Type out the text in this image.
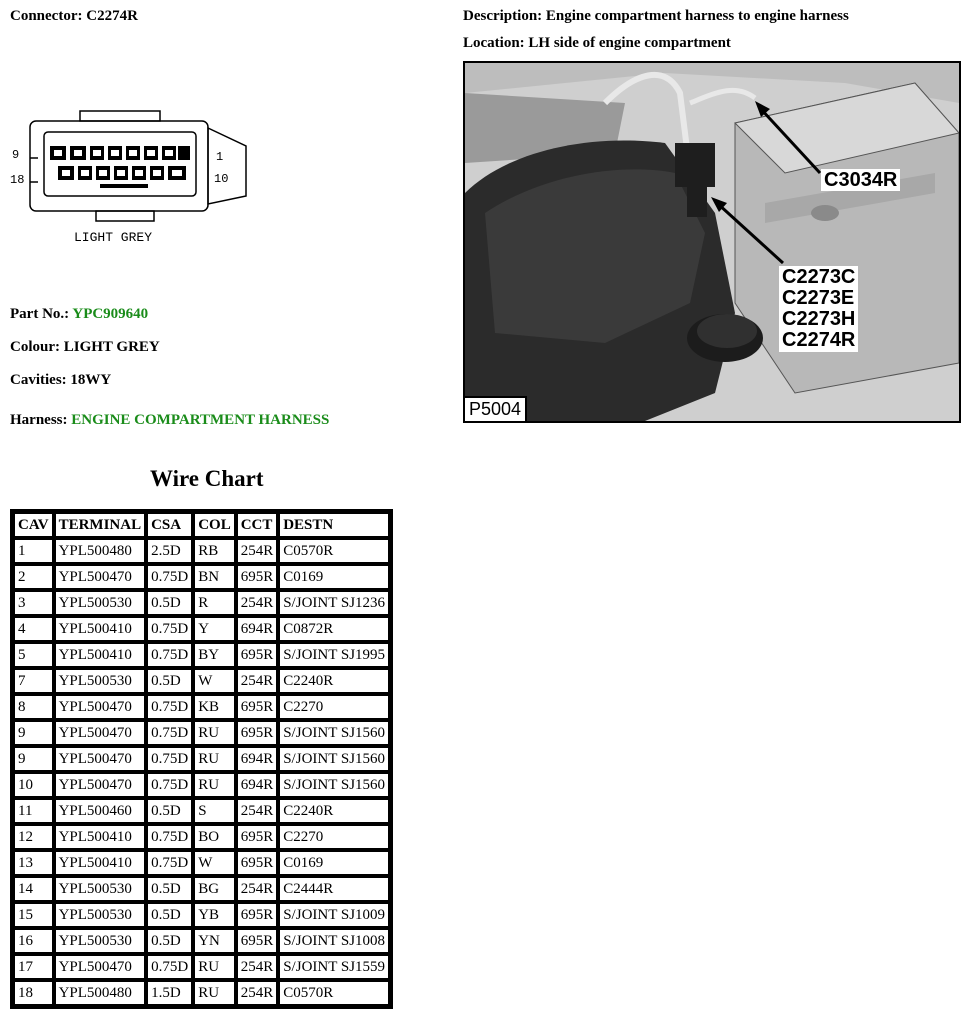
Connector: C2274R	Description: Engine compartment harness to engine harness
Location: LH side of engine compartment
9
18
1
10
LIGHT GREY
Part No.: YPC909640
Colour: LIGHT GREY
Cavities: 18WY
Harness: ENGINE COMPARTMENT HARNESS
C3034R
C2273C
C2273E
C2273H
C2274R
P5004
Wire Chart
CAV	TERMINAL	CSA	COL	CCT	DESTN
1	YPL500480	2.5D	RB	254R	C0570R
2	YPL500470	0.75D	BN	695R	C0169
3	YPL500530	0.5D	R	254R	S/JOINT SJ1236
4	YPL500410	0.75D	Y	694R	C0872R
5	YPL500410	0.75D	BY	695R	S/JOINT SJ1995
7	YPL500530	0.5D	W	254R	C2240R
8	YPL500470	0.75D	KB	695R	C2270
9	YPL500470	0.75D	RU	695R	S/JOINT SJ1560
9	YPL500470	0.75D	RU	694R	S/JOINT SJ1560
10	YPL500470	0.75D	RU	694R	S/JOINT SJ1560
11	YPL500460	0.5D	S	254R	C2240R
12	YPL500410	0.75D	BO	695R	C2270
13	YPL500410	0.75D	W	695R	C0169
14	YPL500530	0.5D	BG	254R	C2444R
15	YPL500530	0.5D	YB	695R	S/JOINT SJ1009
16	YPL500530	0.5D	YN	695R	S/JOINT SJ1008
17	YPL500470	0.75D	RU	254R	S/JOINT SJ1559
18	YPL500480	1.5D	RU	254R	C0570R
